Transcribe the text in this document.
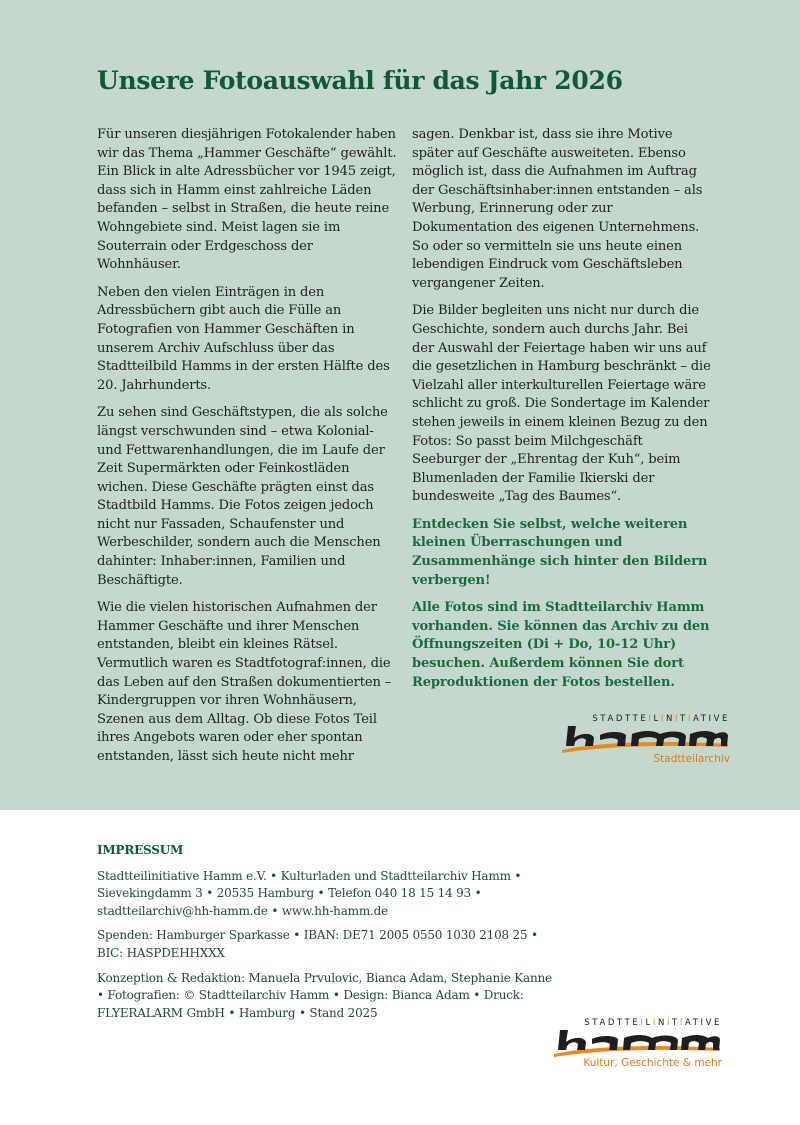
Unsere Fotoauswahl für das Jahr 2026

Für unseren diesjährigen Fotokalender haben wir das Thema „Hammer Geschäfte“ gewählt. Ein Blick in alte Adressbücher vor 1945 zeigt, dass sich in Hamm einst zahlreiche Läden befanden – selbst in Straßen, die heute reine Wohngebiete sind. Meist lagen sie im Souterrain oder Erdgeschoss der Wohnhäuser.

Neben den vielen Einträgen in den Adressbüchern gibt auch die Fülle an Fotografien von Hammer Geschäften in unserem Archiv Aufschluss über das Stadtteilbild Hamms in der ersten Hälfte des 20. Jahrhunderts.

Zu sehen sind Geschäftstypen, die als solche längst verschwunden sind – etwa Kolonial- und Fettwarenhandlungen, die im Laufe der Zeit Supermärkten oder Feinkostläden wichen. Diese Geschäfte prägten einst das Stadtbild Hamms. Die Fotos zeigen jedoch nicht nur Fassaden, Schaufenster und Werbeschilder, sondern auch die Menschen dahinter: Inhaber:innen, Familien und Beschäftigte.

Wie die vielen historischen Aufnahmen der Hammer Geschäfte und ihrer Menschen entstanden, bleibt ein kleines Rätsel. Vermutlich waren es Stadtfotograf:innen, die das Leben auf den Straßen dokumentierten – Kindergruppen vor ihren Wohnhäusern, Szenen aus dem Alltag. Ob diese Fotos Teil ihres Angebots waren oder eher spontan entstanden, lässt sich heute nicht mehr

sagen. Denkbar ist, dass sie ihre Motive später auf Geschäfte ausweiteten. Ebenso möglich ist, dass die Aufnahmen im Auftrag der Geschäftsinhaber:innen entstanden – als Werbung, Erinnerung oder zur Dokumentation des eigenen Unternehmens. So oder so vermitteln sie uns heute einen lebendigen Eindruck vom Geschäftsleben vergangener Zeiten.

Die Bilder begleiten uns nicht nur durch die Geschichte, sondern auch durchs Jahr. Bei der Auswahl der Feiertage haben wir uns auf die gesetzlichen in Hamburg beschränkt – die Vielzahl aller interkulturellen Feiertage wäre schlicht zu groß. Die Sondertage im Kalender stehen jeweils in einem kleinen Bezug zu den Fotos: So passt beim Milchgeschäft Seeburger der „Ehrentag der Kuh“, beim Blumenladen der Familie Ikierski der bundesweite „Tag des Baumes“.

Entdecken Sie selbst, welche weiteren kleinen Überraschungen und Zusammenhänge sich hinter den Bildern verbergen!

Alle Fotos sind im Stadtteilarchiv Hamm vorhanden. Sie können das Archiv zu den Öffnungszeiten (Di + Do, 10-12 Uhr) besuchen. Außerdem können Sie dort Reproduktionen der Fotos bestellen.

STADTTEILINITIATIVE
Stadtteilarchiv
IMPRESSUM

Stadtteilinitiative Hamm e.V. • Kulturladen und Stadtteilarchiv Hamm • Sievekingdamm 3 • 20535 Hamburg • Telefon 040 18 15 14 93 • stadtteilarchiv@hh-hamm.de • www.hh-hamm.de

Spenden: Hamburger Sparkasse • IBAN: DE71 2005 0550 1030 2108 25 • BIC: HASPDEHHXXX

Konzeption & Redaktion: Manuela Prvulovic, Bianca Adam, Stephanie Kanne • Fotografien: © Stadtteilarchiv Hamm • Design: Bianca Adam • Druck: FLYERALARM GmbH • Hamburg • Stand 2025

STADTTEILINITIATIVE
Kultur, Geschichte & mehr
